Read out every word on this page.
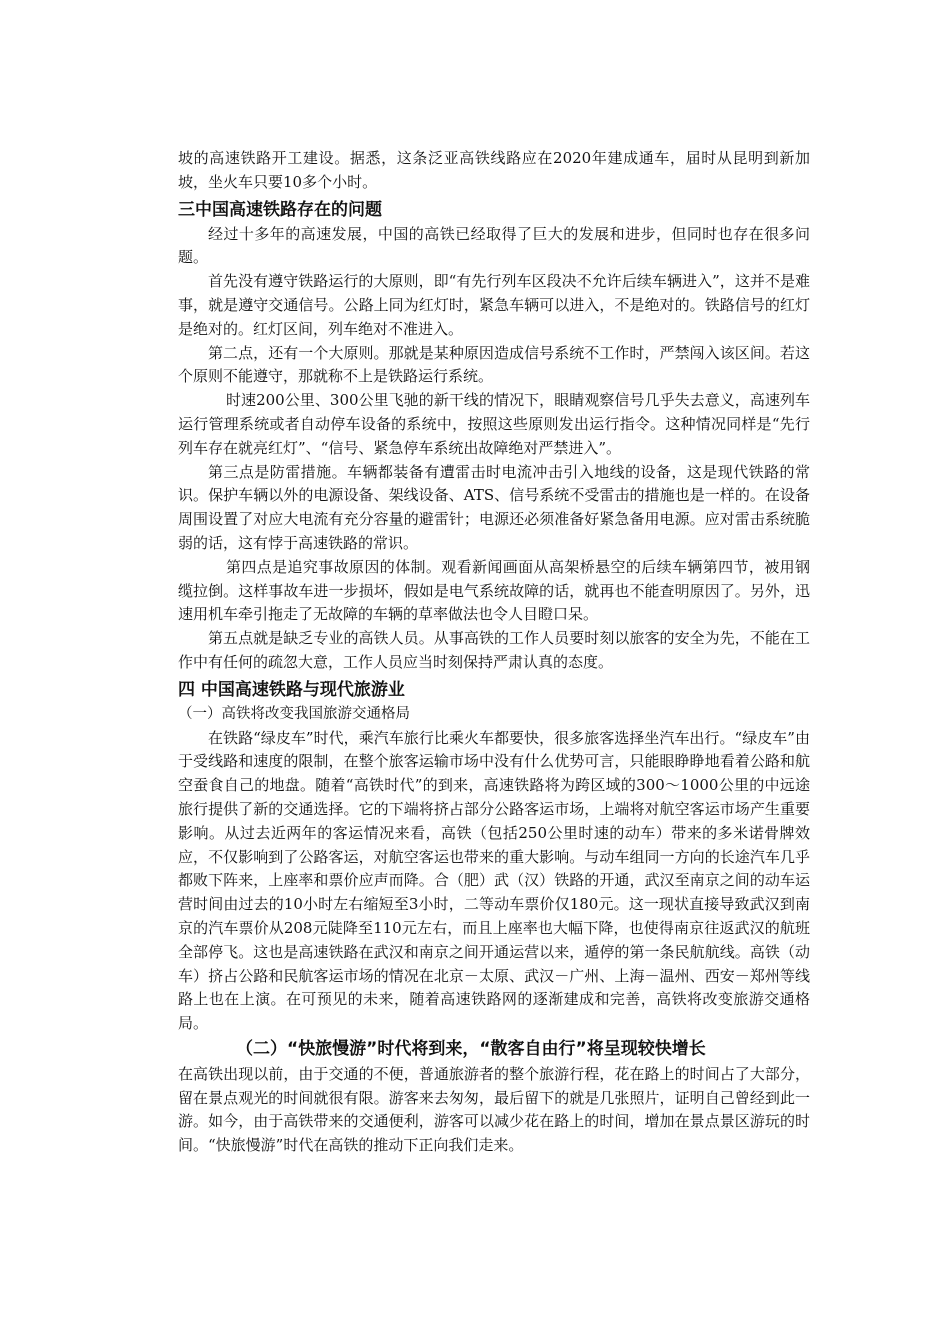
坡的高速铁路开工建设。据悉，这条泛亚高铁线路应在2020年建成通车，届时从昆明到新加坡，坐火车只要10多个小时。

三中国高速铁路存在的问题

经过十多年的高速发展，中国的高铁已经取得了巨大的发展和进步，但同时也存在很多问题。

首先没有遵守铁路运行的大原则，即“有先行列车区段决不允许后续车辆进入”，这并不是难事，就是遵守交通信号。公路上同为红灯时，紧急车辆可以进入，不是绝对的。铁路信号的红灯是绝对的。红灯区间，列车绝对不准进入。

第二点，还有一个大原则。那就是某种原因造成信号系统不工作时，严禁闯入该区间。若这个原则不能遵守，那就称不上是铁路运行系统。

时速200公里、300公里飞驰的新干线的情况下，眼睛观察信号几乎失去意义，高速列车运行管理系统或者自动停车设备的系统中，按照这些原则发出运行指令。这种情况同样是“先行列车存在就亮红灯”、“信号、紧急停车系统出故障绝对严禁进入”。

第三点是防雷措施。车辆都装备有遭雷击时电流冲击引入地线的设备，这是现代铁路的常识。保护车辆以外的电源设备、架线设备、ATS、信号系统不受雷击的措施也是一样的。在设备周围设置了对应大电流有充分容量的避雷针；电源还必须准备好紧急备用电源。应对雷击系统脆弱的话，这有悖于高速铁路的常识。

第四点是追究事故原因的体制。观看新闻画面从高架桥悬空的后续车辆第四节，被用钢缆拉倒。这样事故车进一步损坏，假如是电气系统故障的话，就再也不能查明原因了。另外，迅速用机车牵引拖走了无故障的车辆的草率做法也令人目瞪口呆。

第五点就是缺乏专业的高铁人员。从事高铁的工作人员要时刻以旅客的安全为先，不能在工作中有任何的疏忽大意，工作人员应当时刻保持严肃认真的态度。

四 中国高速铁路与现代旅游业

（一）高铁将改变我国旅游交通格局

在铁路“绿皮车”时代，乘汽车旅行比乘火车都要快，很多旅客选择坐汽车出行。“绿皮车”由于受线路和速度的限制，在整个旅客运输市场中没有什么优势可言，只能眼睁睁地看着公路和航空蚕食自己的地盘。随着“高铁时代”的到来，高速铁路将为跨区域的300～1000公里的中远途旅行提供了新的交通选择。它的下端将挤占部分公路客运市场，上端将对航空客运市场产生重要影响。从过去近两年的客运情况来看，高铁（包括250公里时速的动车）带来的多米诺骨牌效应，不仅影响到了公路客运，对航空客运也带来的重大影响。与动车组同一方向的长途汽车几乎都败下阵来，上座率和票价应声而降。合（肥）武（汉）铁路的开通，武汉至南京之间的动车运营时间由过去的10小时左右缩短至3小时，二等动车票价仅180元。这一现状直接导致武汉到南京的汽车票价从208元陡降至110元左右，而且上座率也大幅下降，也使得南京往返武汉的航班全部停飞。这也是高速铁路在武汉和南京之间开通运营以来，遁停的第一条民航航线。高铁（动车）挤占公路和民航客运市场的情况在北京－太原、武汉－广州、上海－温州、西安－郑州等线路上也在上演。在可预见的未来，随着高速铁路网的逐渐建成和完善，高铁将改变旅游交通格局。

（二）“快旅慢游”时代将到来，“散客自由行”将呈现较快增长

在高铁出现以前，由于交通的不便，普通旅游者的整个旅游行程，花在路上的时间占了大部分，留在景点观光的时间就很有限。游客来去匆匆，最后留下的就是几张照片，证明自己曾经到此一游。如今，由于高铁带来的交通便利，游客可以减少花在路上的时间，增加在景点景区游玩的时间。“快旅慢游”时代在高铁的推动下正向我们走来。
